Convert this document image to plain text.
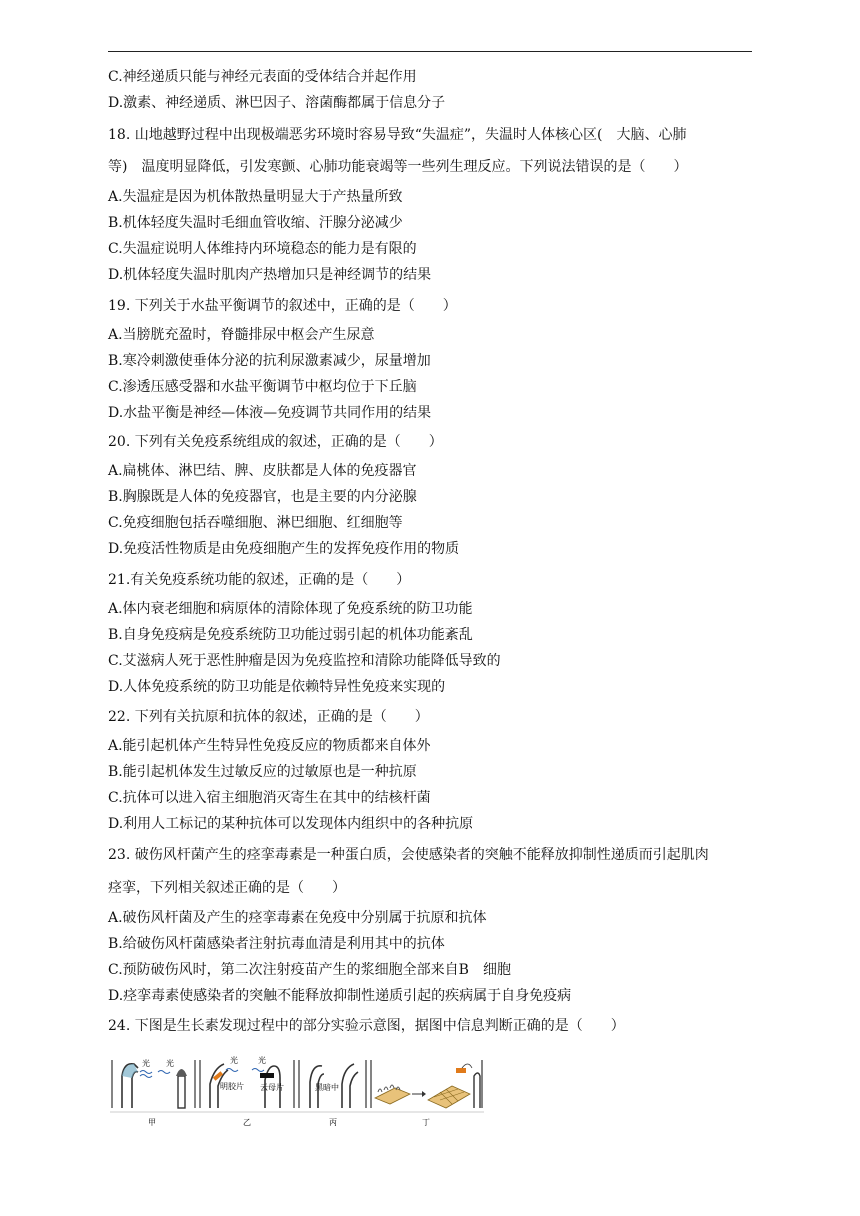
C.神经递质只能与神经元表面的受体结合并起作用
D.激素、神经递质、淋巴因子、溶菌酶都属于信息分子
18. 山地越野过程中出现极端恶劣环境时容易导致“失温症”，失温时人体核心区(　大脑、心肺
等)　温度明显降低，引发寒颤、心肺功能衰竭等一些列生理反应。下列说法错误的是（　　）
A.失温症是因为机体散热量明显大于产热量所致
B.机体轻度失温时毛细血管收缩、汗腺分泌减少
C.失温症说明人体维持内环境稳态的能力是有限的
D.机体轻度失温时肌肉产热增加只是神经调节的结果
19. 下列关于水盐平衡调节的叙述中，正确的是（　　）
A.当膀胱充盈时，脊髓排尿中枢会产生尿意
B.寒冷刺激使垂体分泌的抗利尿激素减少，尿量增加
C.渗透压感受器和水盐平衡调节中枢均位于下丘脑
D.水盐平衡是神经—体液—免疫调节共同作用的结果
20. 下列有关免疫系统组成的叙述，正确的是（　　）
A.扁桃体、淋巴结、脾、皮肤都是人体的免疫器官
B.胸腺既是人体的免疫器官，也是主要的内分泌腺
C.免疫细胞包括吞噬细胞、淋巴细胞、红细胞等
D.免疫活性物质是由免疫细胞产生的发挥免疫作用的物质
21.有关免疫系统功能的叙述，正确的是（　　）
A.体内衰老细胞和病原体的清除体现了免疫系统的防卫功能
B.自身免疫病是免疫系统防卫功能过弱引起的机体功能紊乱
C.艾滋病人死于恶性肿瘤是因为免疫监控和清除功能降低导致的
D.人体免疫系统的防卫功能是依赖特异性免疫来实现的
22. 下列有关抗原和抗体的叙述，正确的是（　　）
A.能引起机体产生特异性免疫反应的物质都来自体外
B.能引起机体发生过敏反应的过敏原也是一种抗原
C.抗体可以进入宿主细胞消灭寄生在其中的结核杆菌
D.利用人工标记的某种抗体可以发现体内组织中的各种抗原
23. 破伤风杆菌产生的痉挛毒素是一种蛋白质，会使感染者的突触不能释放抑制性递质而引起肌肉
痉挛，下列相关叙述正确的是（　　）
A.破伤风杆菌及产生的痉挛毒素在免疫中分别属于抗原和抗体
B.给破伤风杆菌感染者注射抗毒血清是利用其中的抗体
C.预防破伤风时，第二次注射疫苗产生的浆细胞全部来自B　细胞
D.痉挛毒素使感染者的突触不能释放抑制性递质引起的疾病属于自身免疫病
24. 下图是生长素发现过程中的部分实验示意图，据图中信息判断正确的是（　　）
光 光
甲
光
明胶片
光
云母片
乙
黑暗中
丙	丁
